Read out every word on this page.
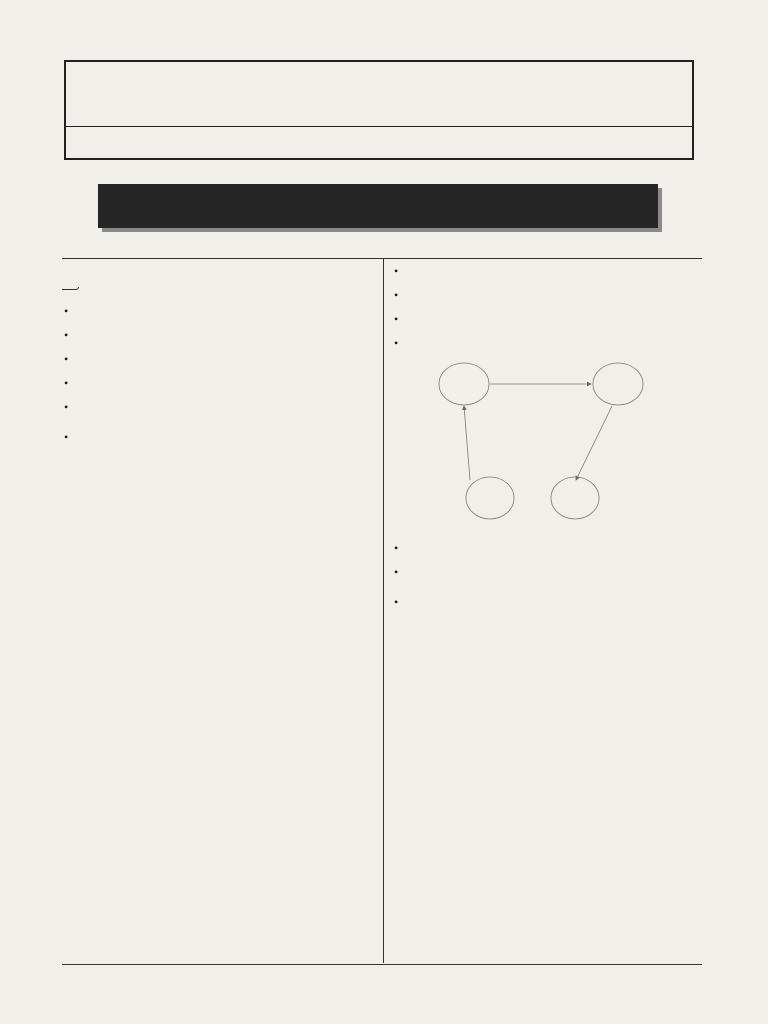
•
•
•
•
•

•
•
•
•
•

•
•
•
